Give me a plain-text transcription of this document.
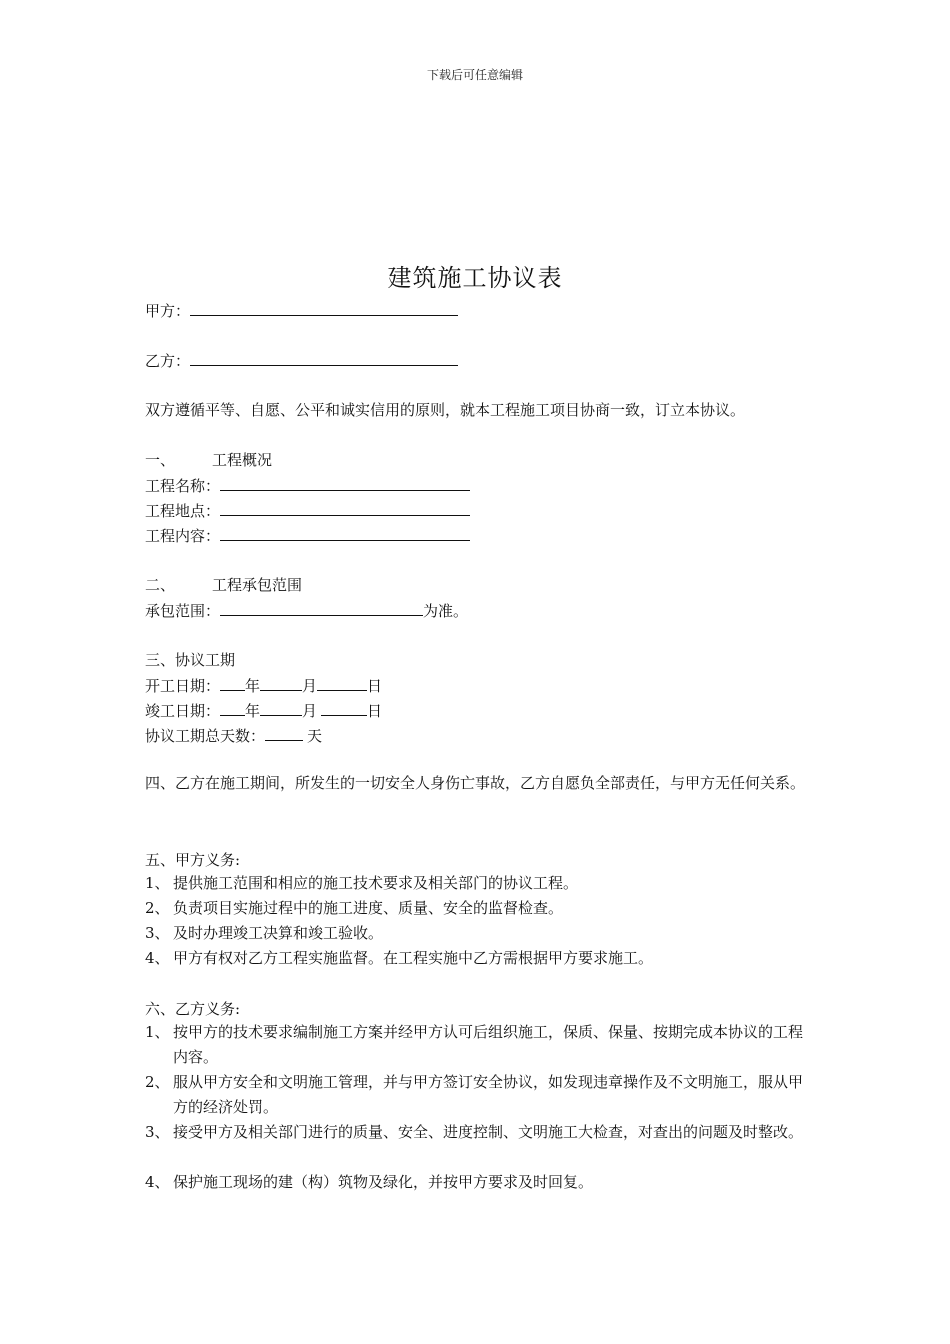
下载后可任意编辑
建筑施工协议表
甲方：
乙方：
双方遵循平等、自愿、公平和诚实信用的原则，就本工程施工项目协商一致，订立本协议。
一、 工程概况
工程名称：
工程地点：
工程内容：
二、 工程承包范围
承包范围：	为准。
三、协议工期
开工日期： 年	月	日
竣工日期： 年	月	日
协议工期总天数：	天
四、乙方在施工期间，所发生的一切安全人身伤亡事故，乙方自愿负全部责任，与甲方无任何关系。
五、甲方义务:
1、 提供施工范围和相应的施工技术要求及相关部门的协议工程。
2、 负责项目实施过程中的施工进度、质量、安全的监督检查。
3、 及时办理竣工决算和竣工验收。
4、 甲方有权对乙方工程实施监督。在工程实施中乙方需根据甲方要求施工。
六、乙方义务:
1、 按甲方的技术要求编制施工方案并经甲方认可后组织施工，保质、保量、按期完成本协议的工程内容。
2、 服从甲方安全和文明施工管理，并与甲方签订安全协议，如发现违章操作及不文明施工，服从甲方的经济处罚。
3、 接受甲方及相关部门进行的质量、安全、进度控制、文明施工大检查，对查出的问题及时整改。
4、 保护施工现场的建（构）筑物及绿化，并按甲方要求及时回复。
